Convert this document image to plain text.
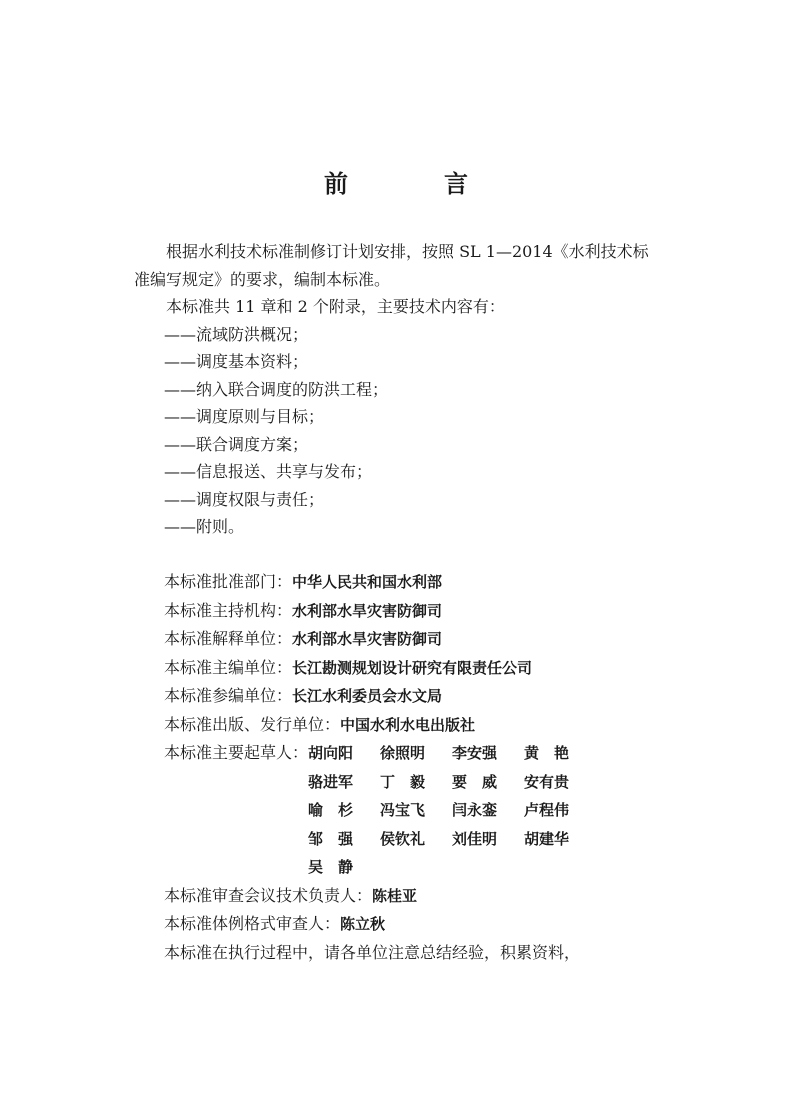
前　言

根据水利技术标准制修订计划安排，按照 SL 1—2014《水利技术标准编写规定》的要求，编制本标准。

本标准共 11 章和 2 个附录，主要技术内容有：

——流域防洪概况；

——调度基本资料；

——纳入联合调度的防洪工程；

——调度原则与目标；

——联合调度方案；

——信息报送、共享与发布；

——调度权限与责任；

——附则。

本标准批准部门：中华人民共和国水利部

本标准主持机构：水利部水旱灾害防御司

本标准解释单位：水利部水旱灾害防御司

本标准主编单位：长江勘测规划设计研究有限责任公司

本标准参编单位：长江水利委员会水文局

本标准出版、发行单位：中国水利水电出版社

本标准主要起草人： 胡向阳 徐照明 李安强 黄　艳
骆进军 丁　毅 要　威 安有贵
喻　杉 冯宝飞 闫永銮 卢程伟
邹　强 侯钦礼 刘佳明 胡建华
吴　静

本标准审查会议技术负责人：陈桂亚

本标准体例格式审查人：陈立秋

本标准在执行过程中，请各单位注意总结经验，积累资料，
